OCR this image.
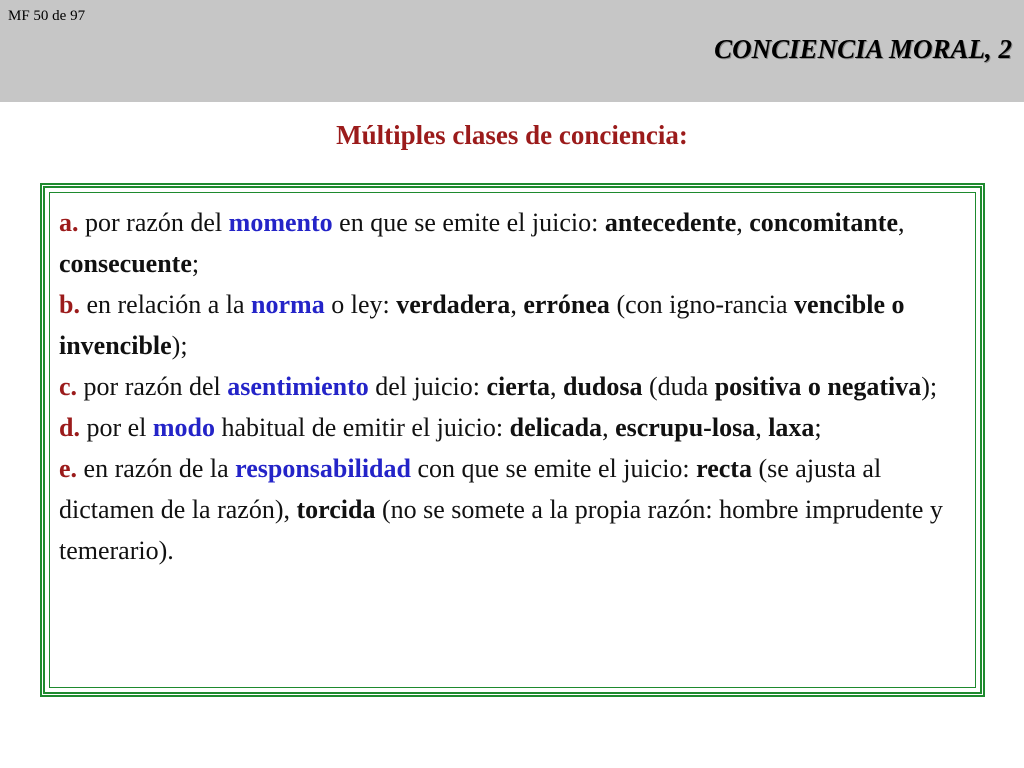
MF 50 de 97
CONCIENCIA MORAL, 2
Múltiples clases de conciencia:
a. por razón del momento en que se emite el juicio: antecedente, concomitante, consecuente;
b. en relación a la norma o ley: verdadera, errónea (con igno-rancia vencible o invencible);
c. por razón del asentimiento del juicio: cierta, dudosa (duda positiva o negativa);
d. por el modo habitual de emitir el juicio: delicada, escrupu-losa, laxa;
e. en razón de la responsabilidad con que se emite el juicio: recta (se ajusta al dictamen de la razón), torcida (no se somete a la propia razón: hombre imprudente y temerario).
